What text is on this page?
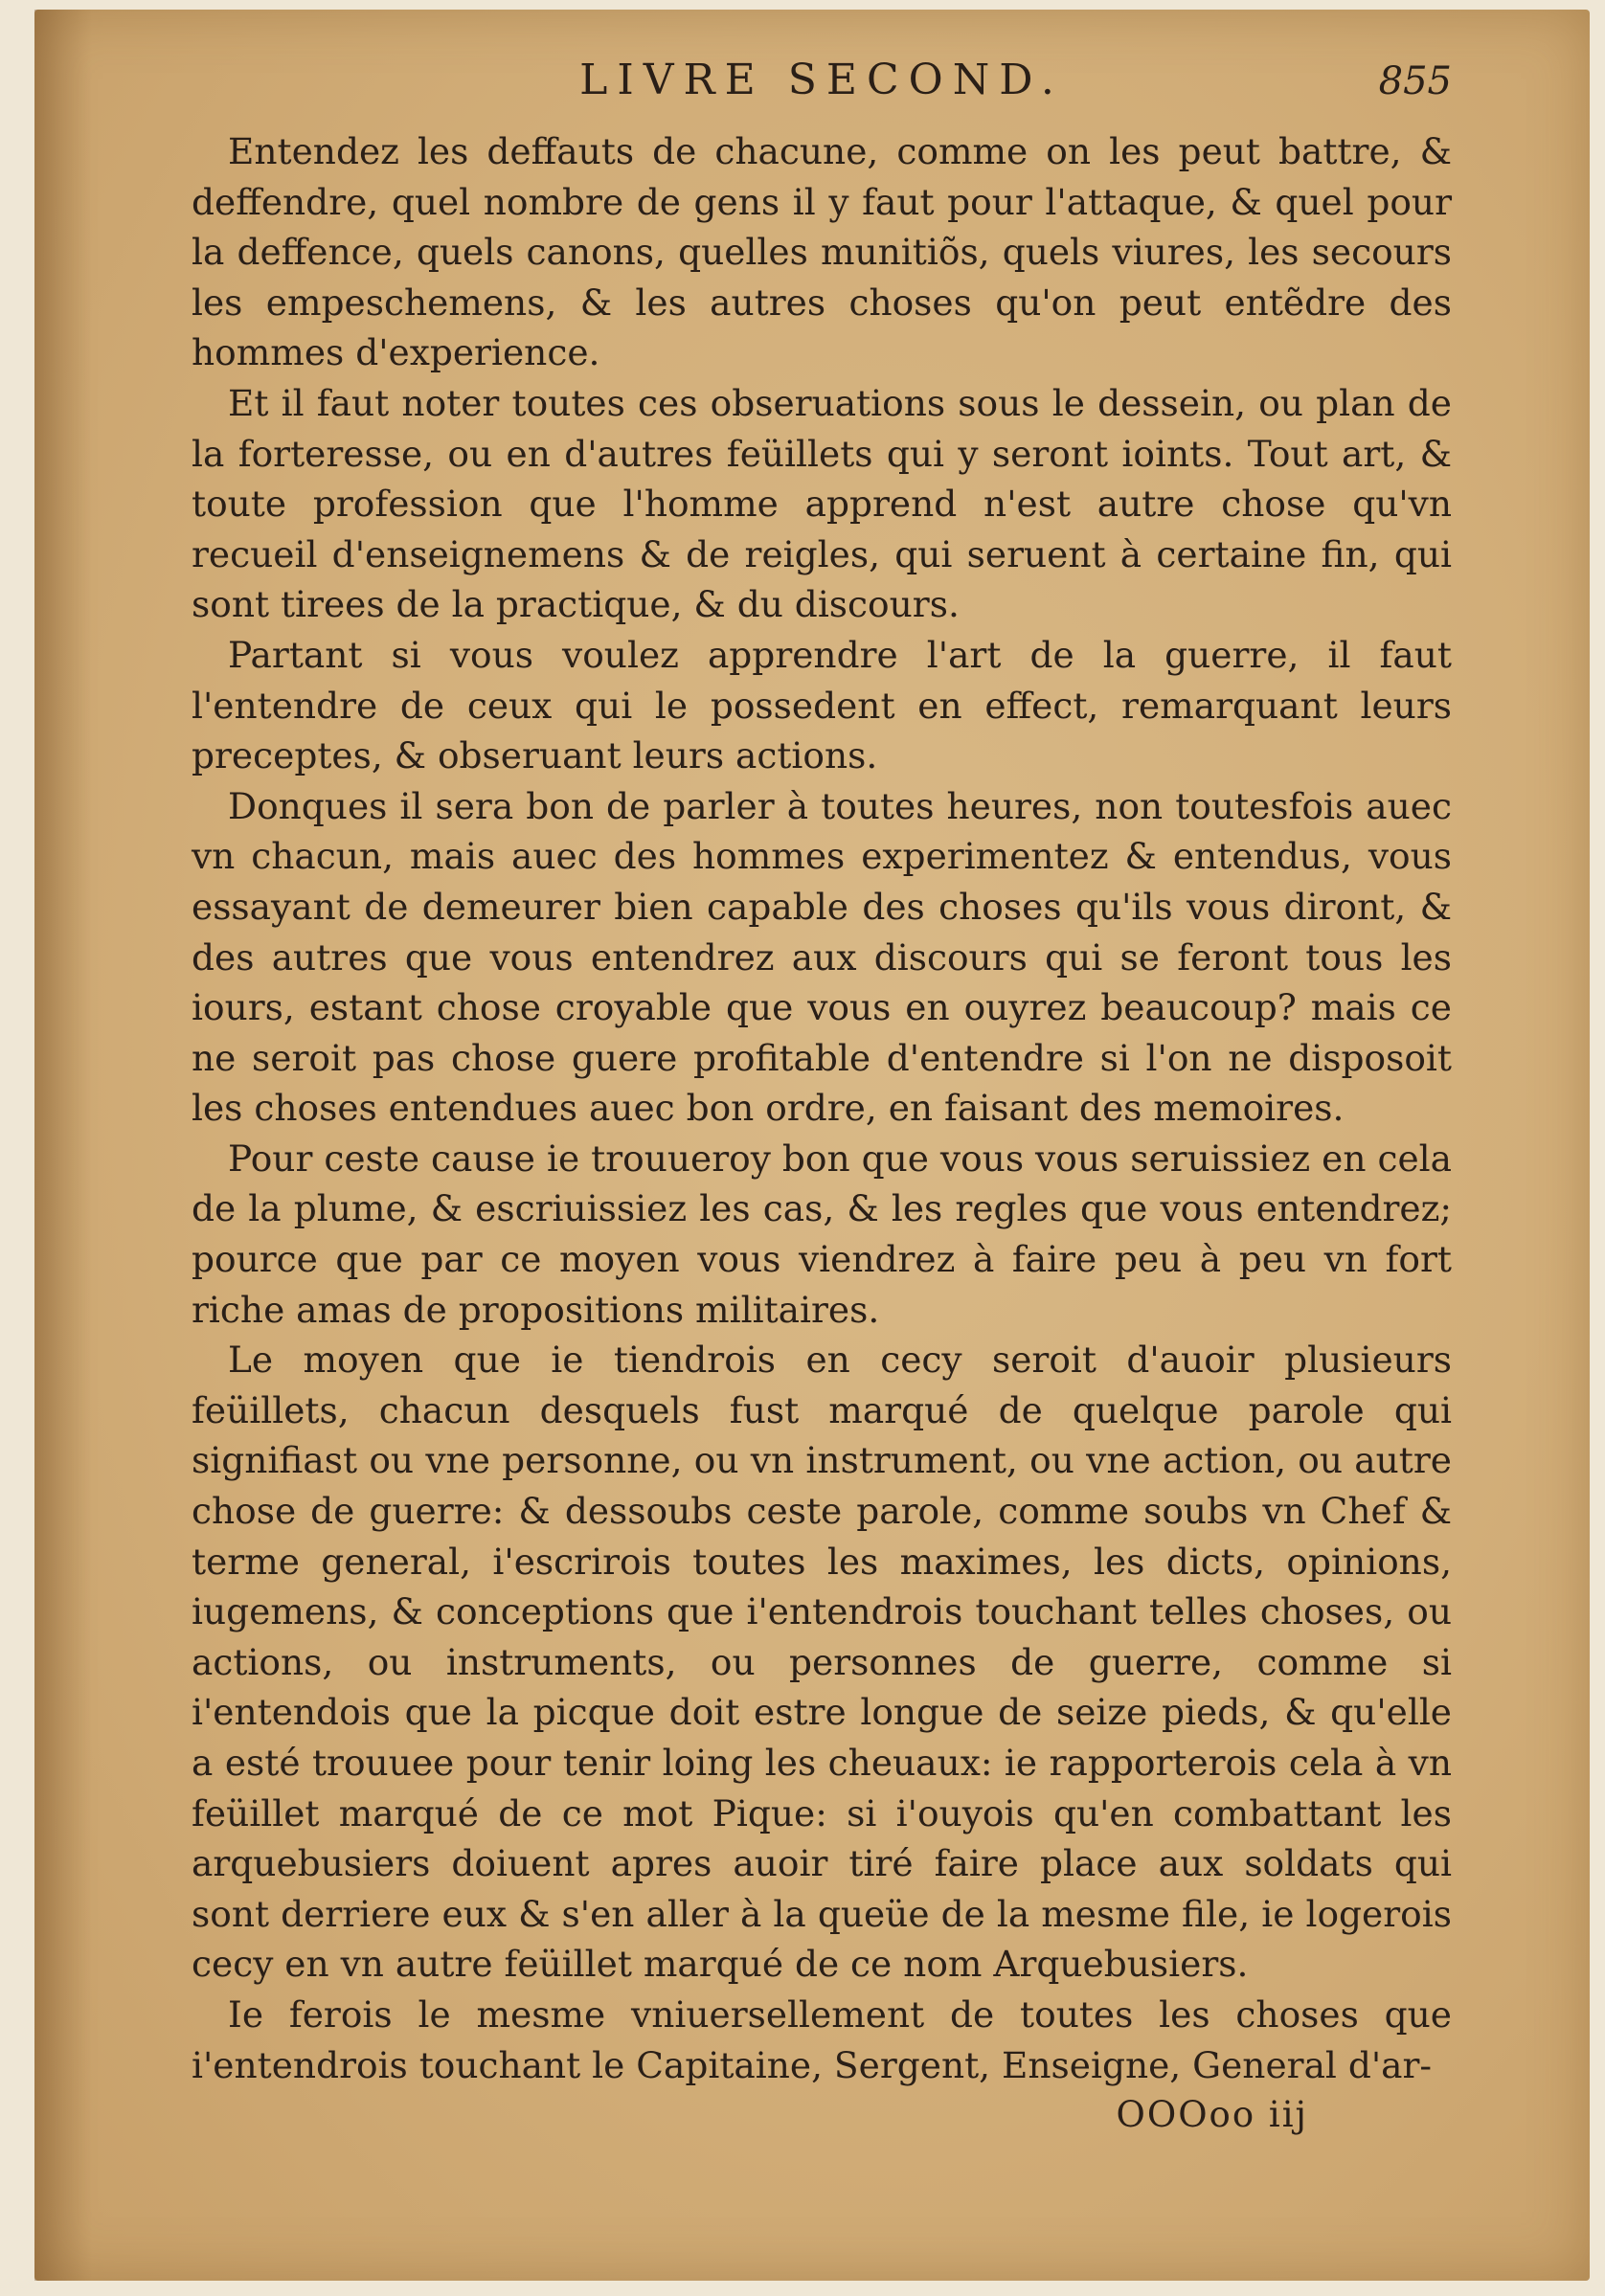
LIVRE SECOND.	855

Entendez les deffauts de chacune, comme on les peut battre, & deffendre, quel nombre de gens il y faut pour l'attaque, & quel pour la deffence, quels canons, quelles munitiõs, quels viures, les secours les empeschemens, & les autres choses qu'on peut entẽdre des hommes d'experience.

Et il faut noter toutes ces obseruations sous le dessein, ou plan de la forteresse, ou en d'autres feüillets qui y seront ioints. Tout art, & toute profession que l'homme apprend n'est autre chose qu'vn recueil d'enseignemens & de reigles, qui seruent à certaine fin, qui sont tirees de la practique, & du discours.

Partant si vous voulez apprendre l'art de la guerre, il faut l'entendre de ceux qui le possedent en effect, remarquant leurs preceptes, & obseruant leurs actions.

Donques il sera bon de parler à toutes heures, non toutesfois auec vn chacun, mais auec des hommes experimentez & entendus, vous essayant de demeurer bien capable des choses qu'ils vous diront, & des autres que vous entendrez aux discours qui se feront tous les iours, estant chose croyable que vous en ouyrez beaucoup? mais ce ne seroit pas chose guere profitable d'entendre si l'on ne disposoit les choses entendues auec bon ordre, en faisant des memoires.

Pour ceste cause ie trouueroy bon que vous vous seruissiez en cela de la plume, & escriuissiez les cas, & les regles que vous entendrez; pource que par ce moyen vous viendrez à faire peu à peu vn fort riche amas de propositions militaires.

Le moyen que ie tiendrois en cecy seroit d'auoir plusieurs feüillets, chacun desquels fust marqué de quelque parole qui signifiast ou vne personne, ou vn instrument, ou vne action, ou autre chose de guerre: & dessoubs ceste parole, comme soubs vn Chef & terme general, i'escrirois toutes les maximes, les dicts, opinions, iugemens, & conceptions que i'entendrois touchant telles choses, ou actions, ou instruments, ou personnes de guerre, comme si i'entendois que la picque doit estre longue de seize pieds, & qu'elle a esté trouuee pour tenir loing les cheuaux: ie rapporterois cela à vn feüillet marqué de ce mot Pique: si i'ouyois qu'en combattant les arquebusiers doiuent apres auoir tiré faire place aux soldats qui sont derriere eux & s'en aller à la queüe de la mesme file, ie logerois cecy en vn autre feüillet marqué de ce nom Arquebusiers.

Ie ferois le mesme vniuersellement de toutes les choses que i'entendrois touchant le Capitaine, Sergent, Enseigne, General d'ar-

OOOoo iij
